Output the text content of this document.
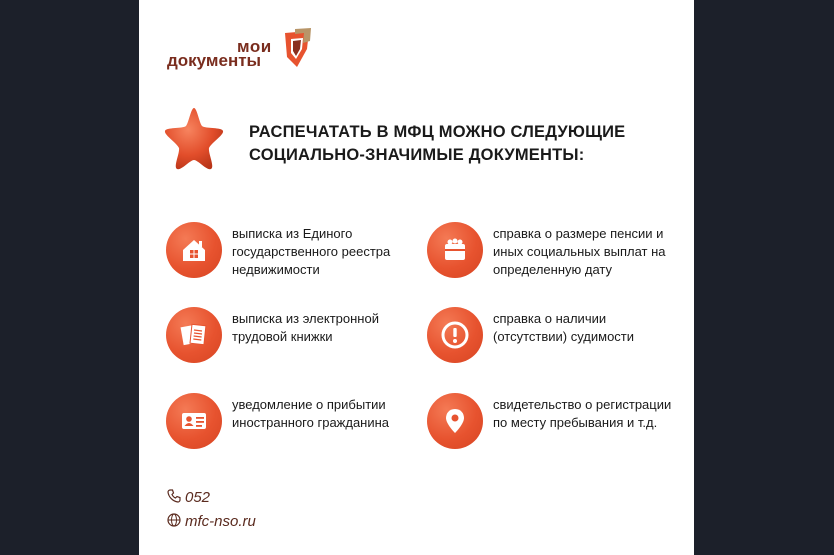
мои
документы
РАСПЕЧАТАТЬ В МФЦ МОЖНО СЛЕДУЮЩИЕ
СОЦИАЛЬНО-ЗНАЧИМЫЕ ДОКУМЕНТЫ:
выписка из Единого
государственного реестра
недвижимости
справка о размере пенсии и
иных социальных выплат на
определенную дату
выписка из электронной
трудовой книжки
справка о наличии
(отсутствии) судимости
уведомление о прибытии
иностранного гражданина
свидетельство о регистрации
по месту пребывания и т.д.
052
mfc-nso.ru
